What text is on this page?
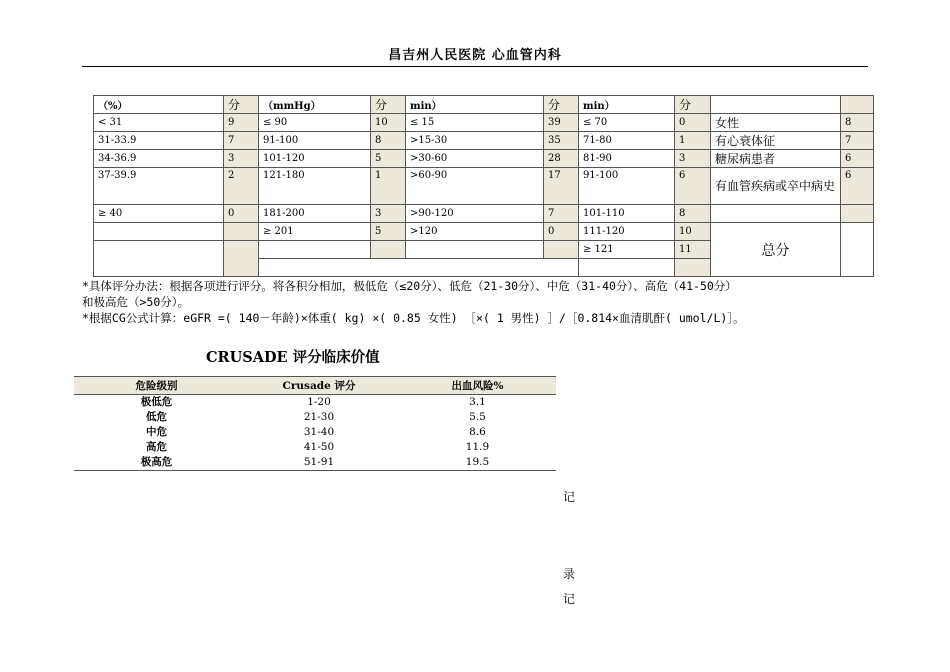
昌吉州人民医院 心血管内科
（%）	分	（mmHg）	分	min）	分	min）	分		
< 31	9	≤ 90	10	≤ 15	39	≤ 70	0	女性	8
31-33.9	7	91-100	8	>15-30	35	71-80	1	有心衰体征	7
34-36.9	3	101-120	5	>30-60	28	81-90	3	糖尿病患者	6
37-39.9	2	121-180	1	>60-90	17	91-100	6	有血管疾病或卒中病史	6
≥ 40	0	181-200	3	>90-120	7	101-110	8		
		≥ 201	5	>120	0	111-120	10	总分	
						≥ 121	11		

*具体评分办法：根据各项进行评分。将各积分相加，极低危（≤20分）、低危（21-30分）、中危（31-40分）、高危（41-50分）

和极高危（>50分）。

*根据CG公式计算：eGFR =( 140－年龄)×体重( kg) ×( 0.85 女性) ［×( 1 男性) ］/［0.814×血清肌酐( umol/L)］。

CRUSADE 评分临床价值
危险级别	Crusade 评分	出血风险%
极低危	1-20	3.1
低危	21-30	5.5
中危	31-40	8.6
高危	41-50	11.9
极高危	51-91	19.5
记
录
记
